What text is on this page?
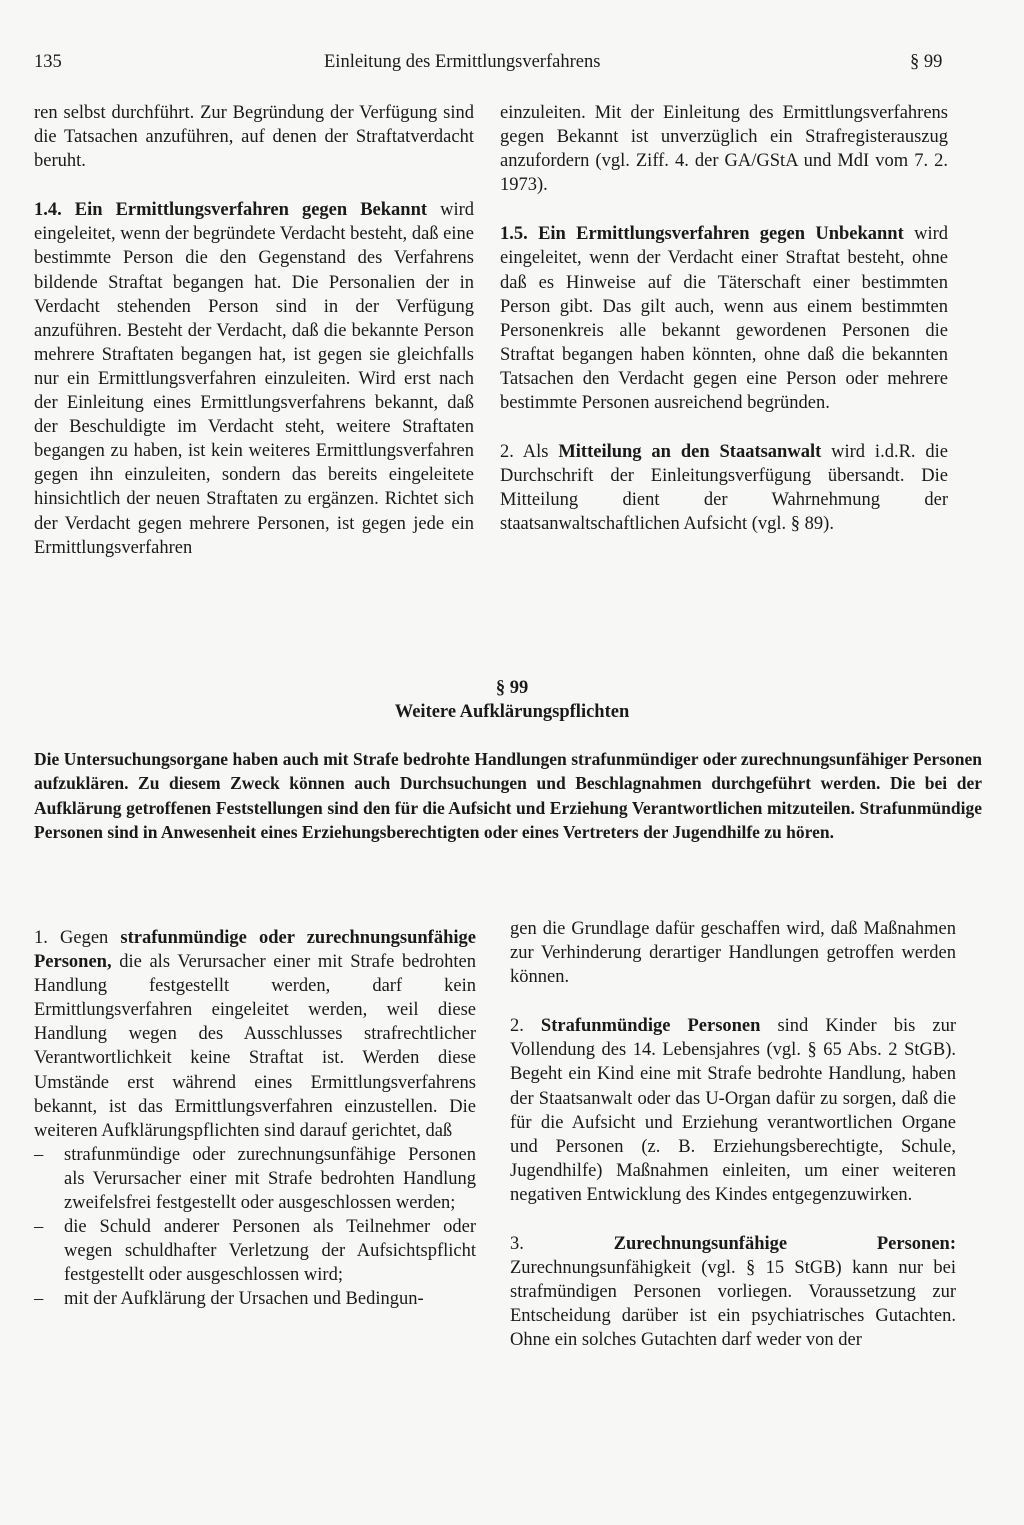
135	Einleitung des Ermittlungsverfahrens	§ 99

ren selbst durchführt. Zur Begründung der Verfügung sind die Tatsachen anzuführen, auf denen der Straftatverdacht beruht.

1.4. Ein Ermittlungsverfahren gegen Bekannt wird eingeleitet, wenn der begründete Verdacht besteht, daß eine bestimmte Person die den Gegenstand des Verfahrens bildende Straftat begangen hat. Die Personalien der in Verdacht stehenden Person sind in der Verfügung anzuführen. Besteht der Verdacht, daß die bekannte Person mehrere Straftaten begangen hat, ist gegen sie gleichfalls nur ein Ermittlungsverfahren einzuleiten. Wird erst nach der Einleitung eines Ermittlungsverfahrens bekannt, daß der Beschuldigte im Verdacht steht, weitere Straftaten begangen zu haben, ist kein weiteres Ermittlungsverfahren gegen ihn einzuleiten, sondern das bereits eingeleitete hinsichtlich der neuen Straftaten zu ergänzen. Richtet sich der Verdacht gegen mehrere Personen, ist gegen jede ein Ermittlungsverfahren

einzuleiten. Mit der Einleitung des Ermittlungsverfahrens gegen Bekannt ist unverzüglich ein Strafregisterauszug anzufordern (vgl. Ziff. 4. der GA/GStA und MdI vom 7. 2. 1973).

1.5. Ein Ermittlungsverfahren gegen Unbekannt wird eingeleitet, wenn der Verdacht einer Straftat besteht, ohne daß es Hinweise auf die Täterschaft einer bestimmten Person gibt. Das gilt auch, wenn aus einem bestimmten Personenkreis alle bekannt gewordenen Personen die Straftat begangen haben könnten, ohne daß die bekannten Tatsachen den Verdacht gegen eine Person oder mehrere bestimmte Personen ausreichend begründen.

2. Als Mitteilung an den Staatsanwalt wird i.d.R. die Durchschrift der Einleitungsverfügung übersandt. Die Mitteilung dient der Wahrnehmung der staatsanwaltschaftlichen Aufsicht (vgl. § 89).

§ 99
Weitere Aufklärungspflichten
Die Untersuchungsorgane haben auch mit Strafe bedrohte Handlungen strafunmündiger oder zurechnungsunfähiger Personen aufzuklären. Zu diesem Zweck können auch Durchsuchungen und Beschlagnahmen durchgeführt werden. Die bei der Aufklärung getroffenen Feststellungen sind den für die Aufsicht und Erziehung Verantwortlichen mitzuteilen. Strafunmündige Personen sind in Anwesenheit eines Erziehungsberechtigten oder eines Vertreters der Jugendhilfe zu hören.

1. Gegen strafunmündige oder zurechnungsunfähige Personen, die als Verursacher einer mit Strafe bedrohten Handlung festgestellt werden, darf kein Ermittlungsverfahren eingeleitet werden, weil diese Handlung wegen des Ausschlusses strafrechtlicher Verantwortlichkeit keine Straftat ist. Werden diese Umstände erst während eines Ermittlungsverfahrens bekannt, ist das Ermittlungsverfahren einzustellen. Die weiteren Aufklärungspflichten sind darauf gerichtet, daß

–	strafunmündige oder zurechnungsunfähige Personen als Verursacher einer mit Strafe bedrohten Handlung zweifelsfrei festgestellt oder ausgeschlossen werden;
–	die Schuld anderer Personen als Teilnehmer oder wegen schuldhafter Verletzung der Aufsichtspflicht festgestellt oder ausgeschlossen wird;
–	mit der Aufklärung der Ursachen und Bedingun-

gen die Grundlage dafür geschaffen wird, daß Maßnahmen zur Verhinderung derartiger Handlungen getroffen werden können.

2. Strafunmündige Personen sind Kinder bis zur Vollendung des 14. Lebensjahres (vgl. § 65 Abs. 2 StGB). Begeht ein Kind eine mit Strafe bedrohte Handlung, haben der Staatsanwalt oder das U-Organ dafür zu sorgen, daß die für die Aufsicht und Erziehung verantwortlichen Organe und Personen (z. B. Erziehungsberechtigte, Schule, Jugendhilfe) Maßnahmen einleiten, um einer weiteren negativen Entwicklung des Kindes entgegenzuwirken.

3.	Zurechnungsunfähige Personen: Zurechnungsunfähigkeit (vgl. § 15 StGB) kann nur bei strafmündigen Personen vorliegen. Voraussetzung zur Entscheidung darüber ist ein psychiatrisches Gutachten. Ohne ein solches Gutachten darf weder von der
